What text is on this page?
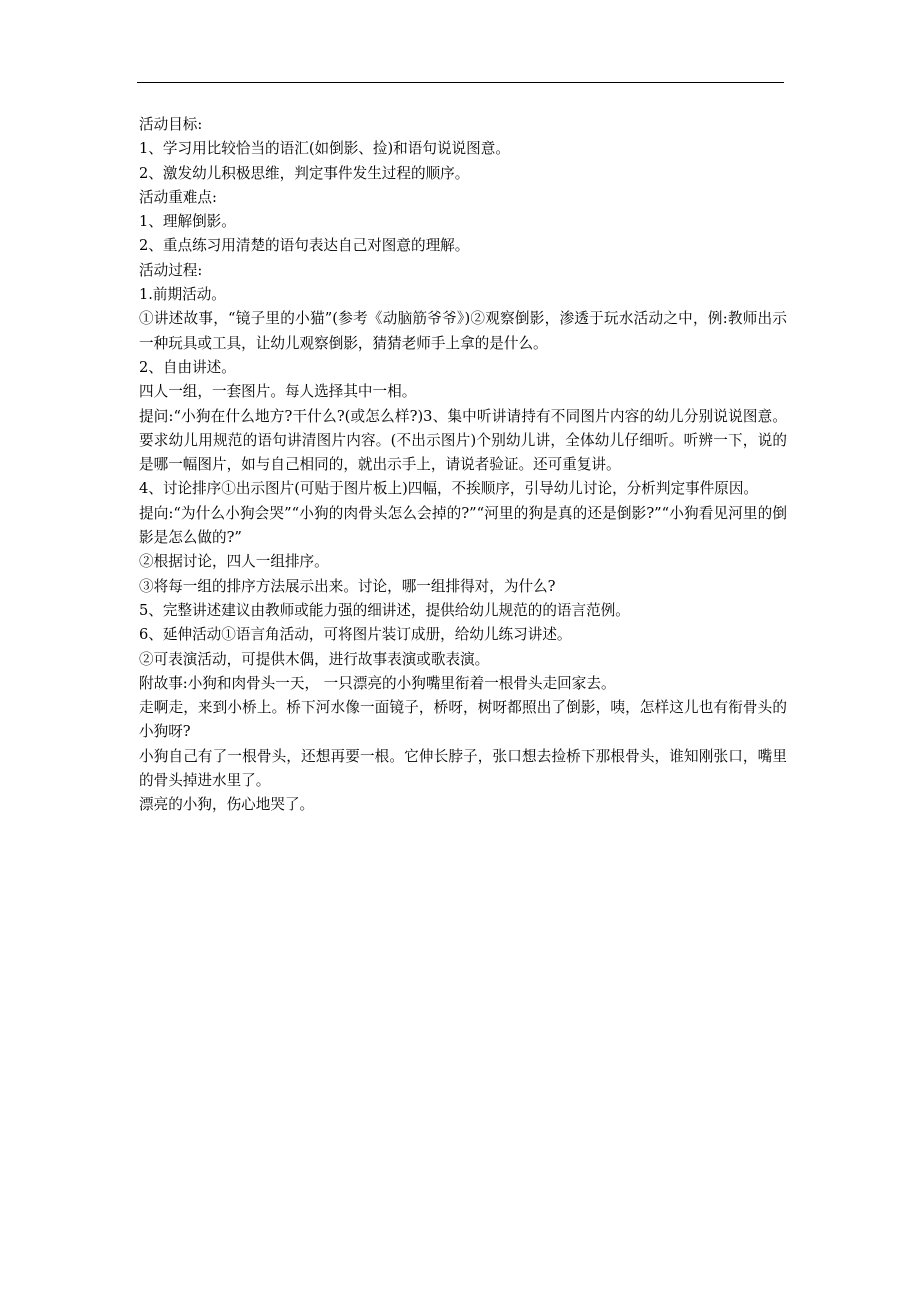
活动目标:

1、学习用比较恰当的语汇(如倒影、捡)和语句说说图意。

2、激发幼儿积极思维，判定事件发生过程的顺序。

活动重难点:

1、理解倒影。

2、重点练习用清楚的语句表达自己对图意的理解。

活动过程:

1.前期活动。

①讲述故事，“镜子里的小猫”(参考《动脑筋爷爷》)②观察倒影，渗透于玩水活动之中，例:教师出示一种玩具或工具，让幼儿观察倒影，猜猜老师手上拿的是什么。

2、自由讲述。

四人一组，一套图片。每人选择其中一相。

提问:“小狗在什么地方?干什么?(或怎么样?)3、集中听讲请持有不同图片内容的幼儿分别说说图意。要求幼儿用规范的语句讲清图片内容。(不出示图片)个别幼儿讲，全体幼儿仔细听。听辨一下，说的是哪一幅图片，如与自己相同的，就出示手上，请说者验证。还可重复讲。

4、讨论排序①出示图片(可贴于图片板上)四幅，不挨顺序，引导幼儿讨论，分析判定事件原因。

提向:“为什么小狗会哭”“小狗的肉骨头怎么会掉的?”“河里的狗是真的还是倒影?”“小狗看见河里的倒影是怎么做的?”

②根据讨论，四人一组排序。

③将每一组的排序方法展示出来。讨论，哪一组排得对，为什么?

5、完整讲述建议由教师或能力强的细讲述，提供给幼儿规范的的语言范例。

6、延伸活动①语言角活动，可将图片装订成册，给幼儿练习讲述。

②可表演活动，可提供木偶，进行故事表演或歌表演。

附故事:小狗和肉骨头一天， 一只漂亮的小狗嘴里衔着一根骨头走回家去。

走啊走，来到小桥上。桥下河水像一面镜子，桥呀，树呀都照出了倒影，咦，怎样这儿也有衔骨头的小狗呀?

小狗自己有了一根骨头，还想再要一根。它伸长脖子，张口想去捡桥下那根骨头，谁知刚张口，嘴里的骨头掉进水里了。

漂亮的小狗，伤心地哭了。
